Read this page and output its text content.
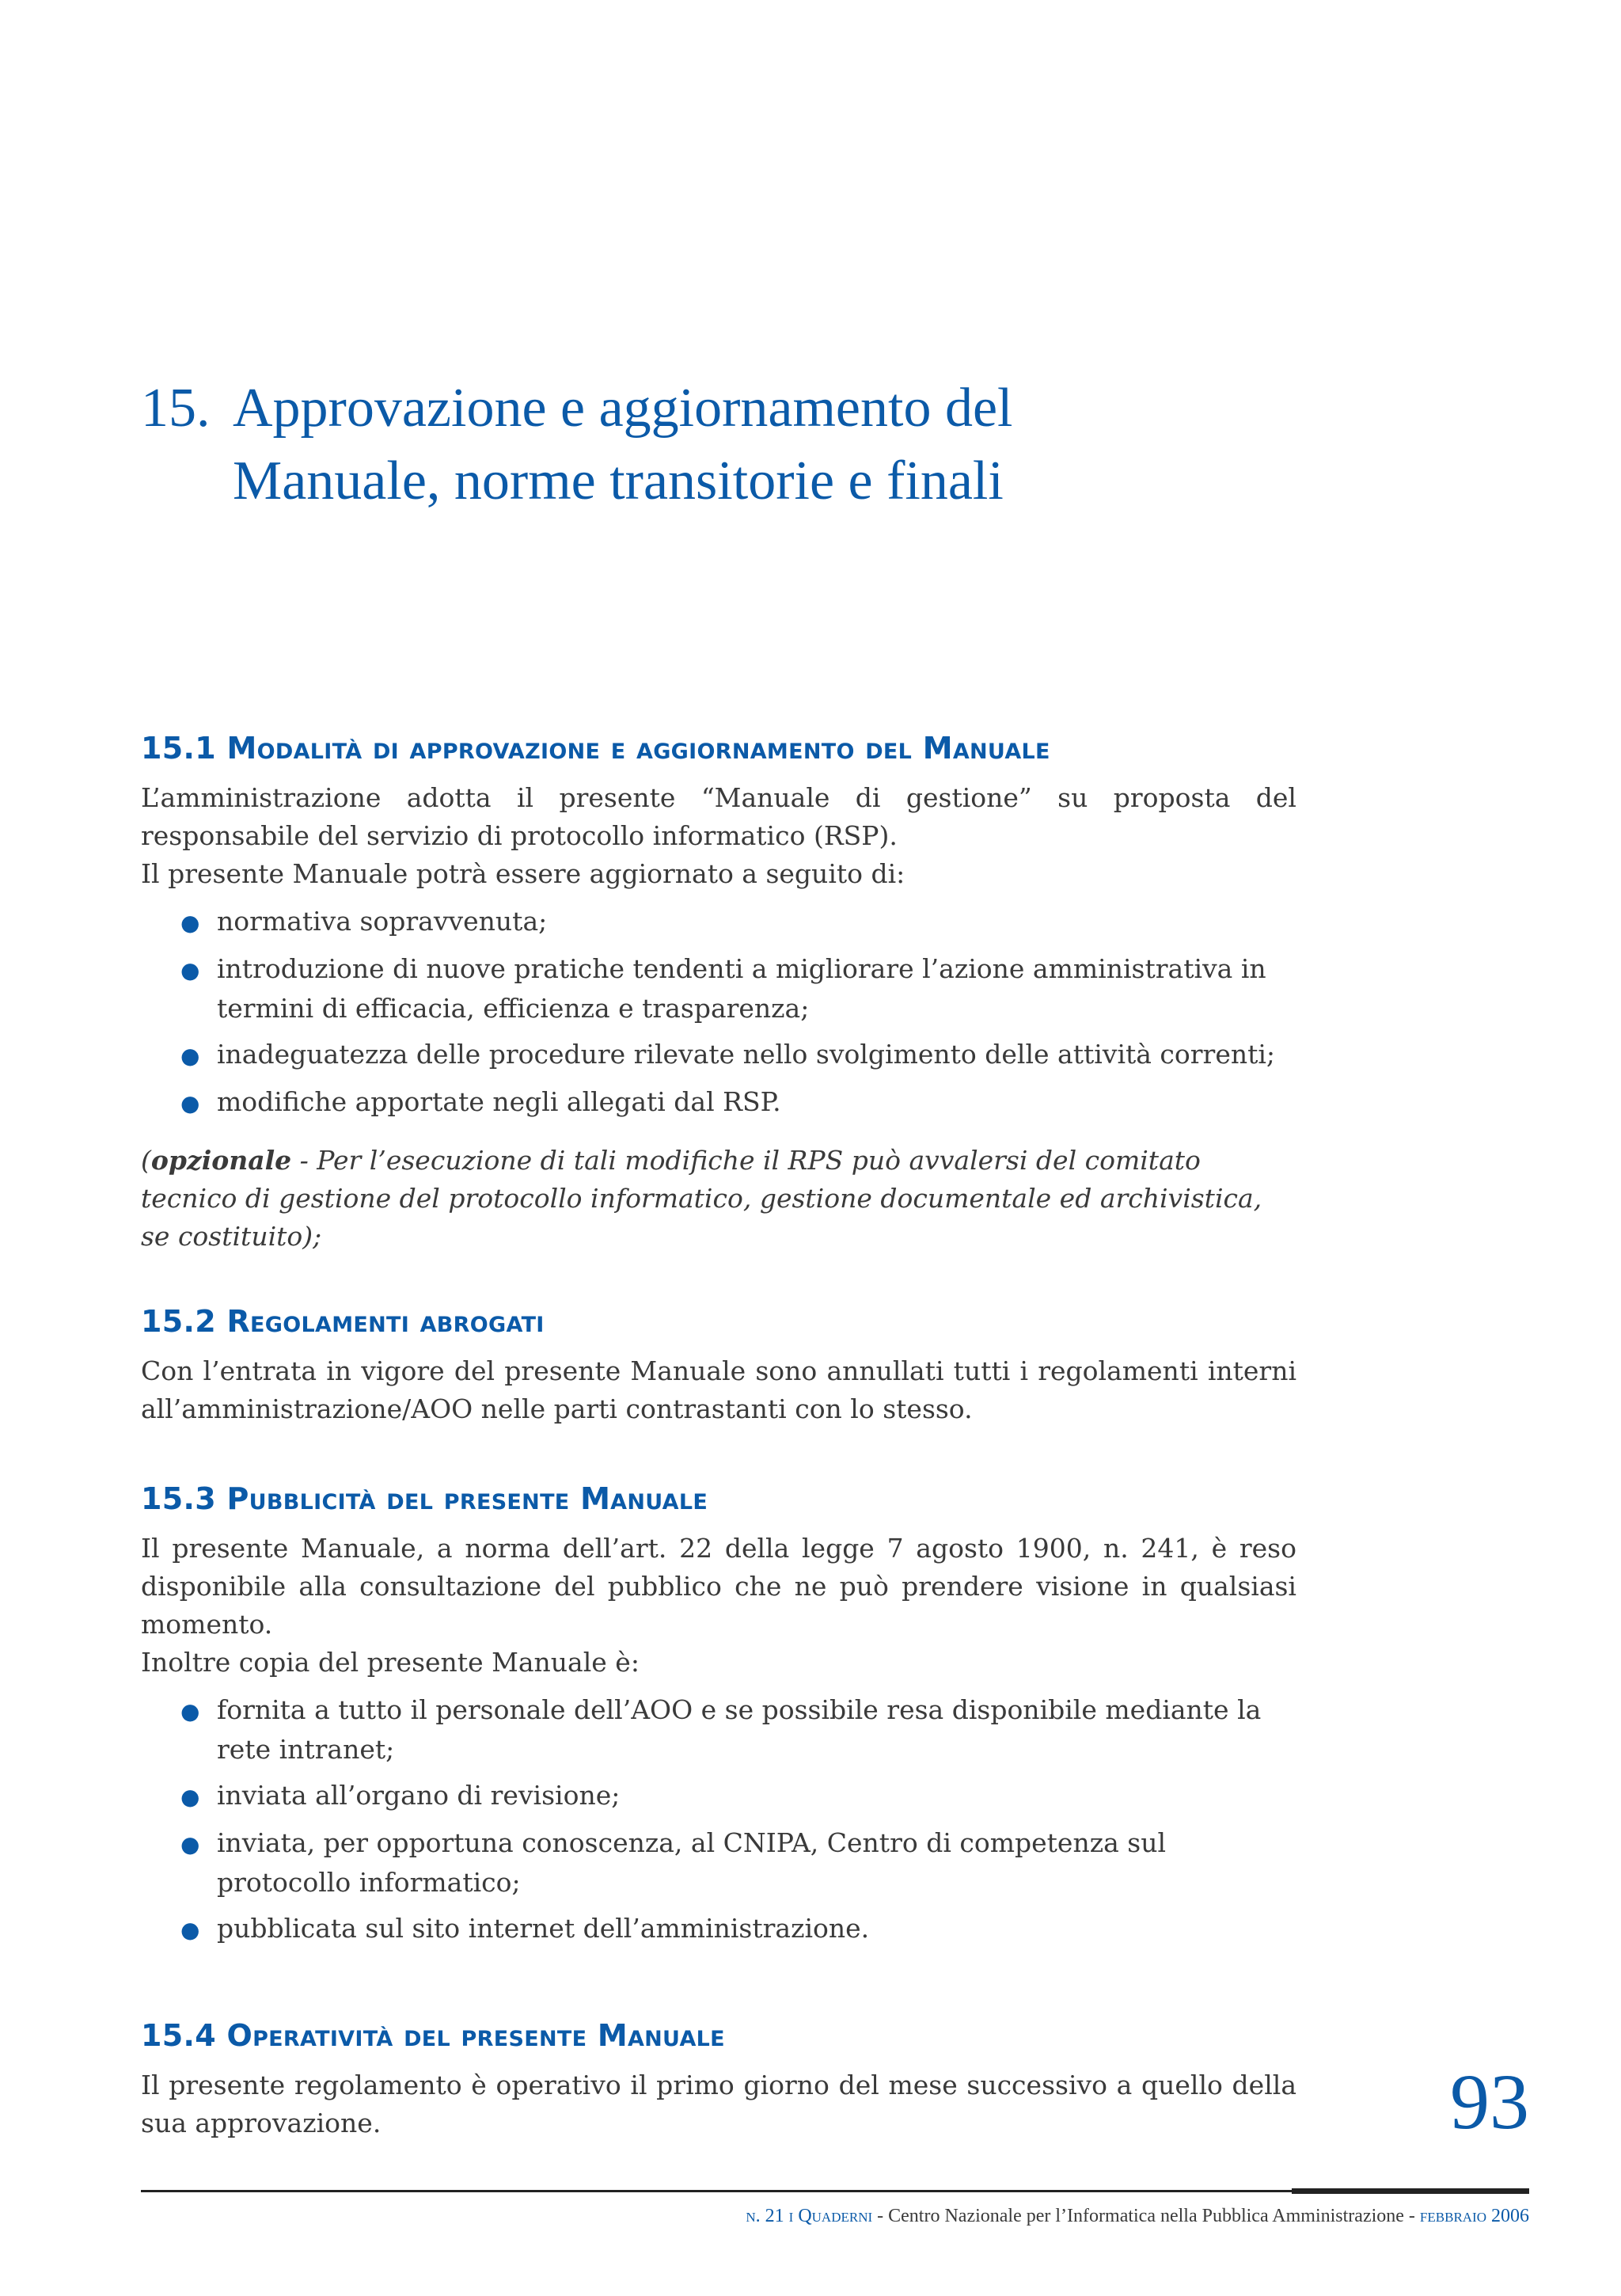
15. Approvazione e aggiornamento del
Manuale, norme transitorie e finali
15.1 Modalità di approvazione e aggiornamento del Manuale

L’amministrazione adotta il presente “Manuale di gestione” su proposta del responsabile del servizio di protocollo informatico (RSP).

Il presente Manuale potrà essere aggiornato a seguito di:

● normativa sopravvenuta;
● introduzione di nuove pratiche tendenti a migliorare l’azione amministrativa in termini di efficacia, efficienza e trasparenza;
● inadeguatezza delle procedure rilevate nello svolgimento delle attività correnti;
● modifiche apportate negli allegati dal RSP.

(opzionale - Per l’esecuzione di tali modifiche il RPS può avvalersi del comitato tecnico di gestione del protocollo informatico, gestione documentale ed archivistica, se costituito);

15.2 Regolamenti abrogati

Con l’entrata in vigore del presente Manuale sono annullati tutti i regolamenti interni all’amministrazione/AOO nelle parti contrastanti con lo stesso.

15.3 Pubblicità del presente Manuale

Il presente Manuale, a norma dell’art. 22 della legge 7 agosto 1900, n. 241, è reso disponibile alla consultazione del pubblico che ne può prendere visione in qualsiasi momento.

Inoltre copia del presente Manuale è:

● fornita a tutto il personale dell’AOO e se possibile resa disponibile mediante la rete intranet;
● inviata all’organo di revisione;
● inviata, per opportuna conoscenza, al CNIPA, Centro di competenza sul protocollo informatico;
● pubblicata sul sito internet dell’amministrazione.
15.4 Operatività del presente Manuale

Il presente regolamento è operativo il primo giorno del mese successivo a quello della sua approvazione.	93
n. 21 i Quaderni - Centro Nazionale per l’Informatica nella Pubblica Amministrazione - febbraio 2006
